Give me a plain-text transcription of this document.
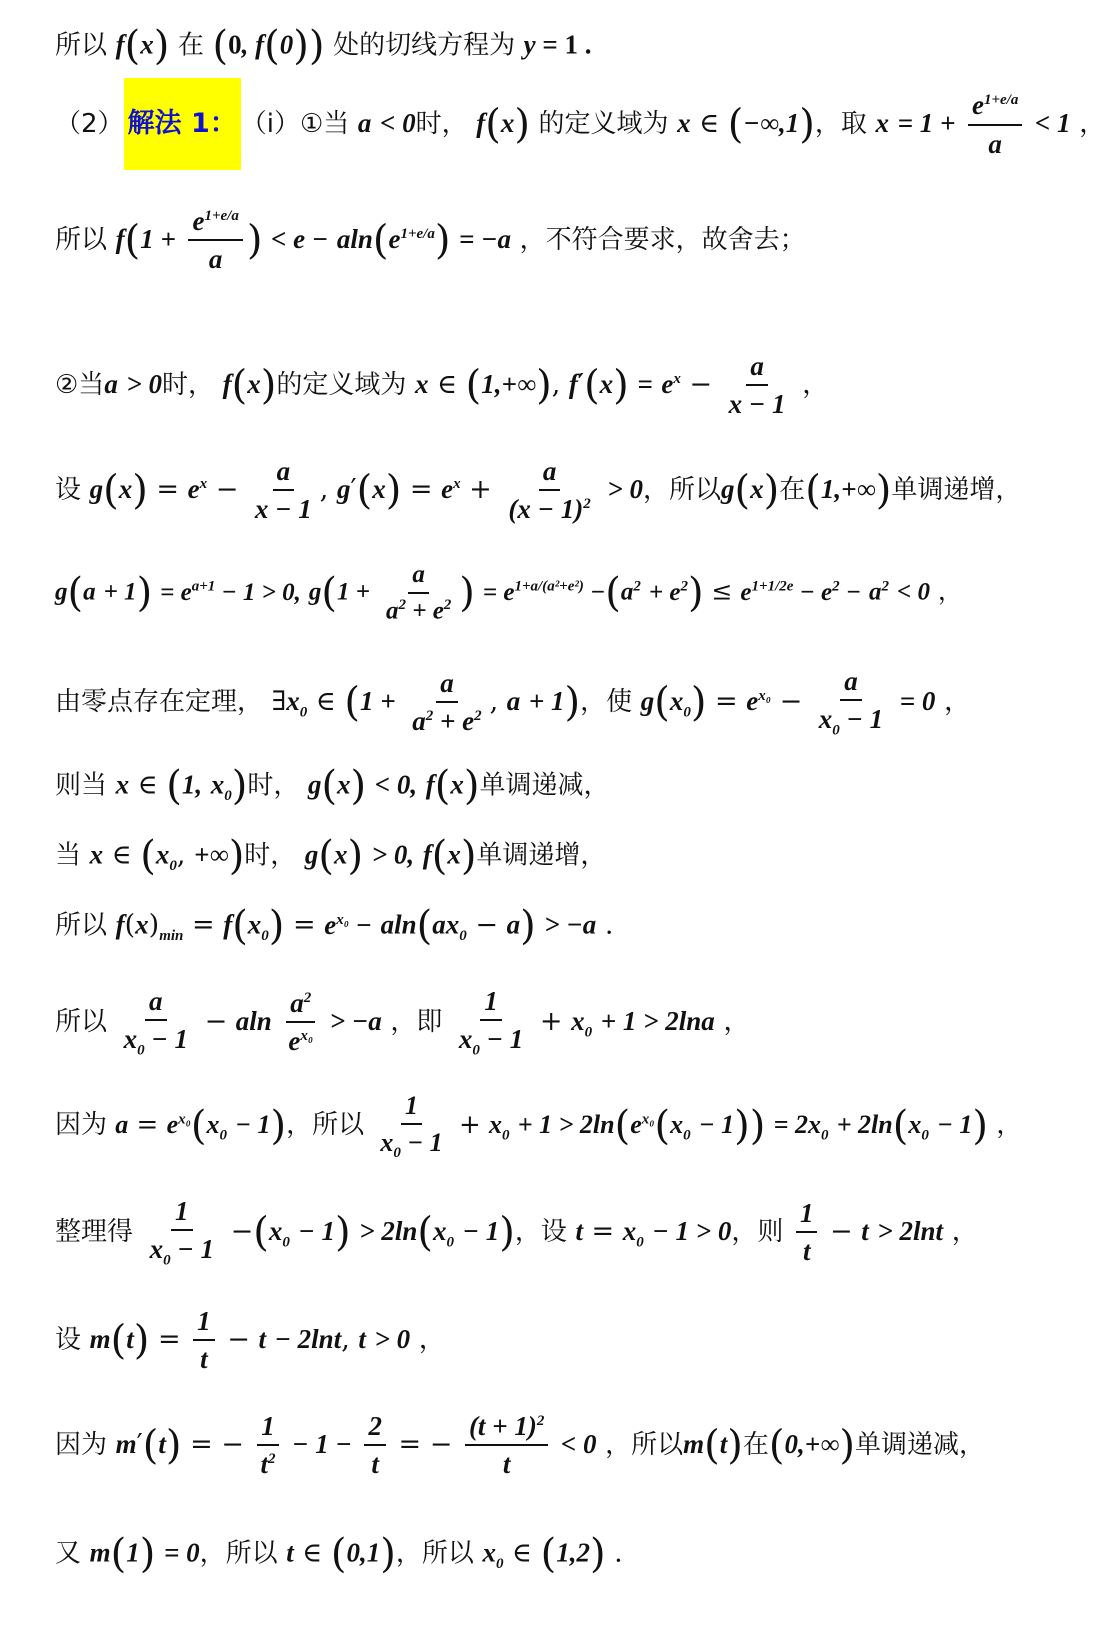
所以 f(x) 在 (0, f(0)) 处的切线方程为 y = 1 .
（2） 解法 1： （i）①当 a < 0时， f(x) 的定义域为 x ∈ (−∞,1)，取 $x = 1 + \frac{e^{1+e/a}}{a} < 1$ ，
所以 $f(1 + \frac{e^{1+e/a}}{a}$ ) < $e - aln(e^{1+e/a}) = -a$ ，不符合要求，故舍去；
②当a > 0时， f(x)的定义域为 x ∈ (1,+∞), $f'(x) = e^x - \frac{a}{x - 1}$ ，
设 $g(x) = e^x - \frac{a}{x - 1}$ , $g'(x) = e^x + \frac{a}{(x - 1)^2} > 0$，所以g(x)在(1,+∞)单调递增，
$g(a + 1) = e^{a+1} - 1 > 0$, $g(1 + \frac{a}{a^2 + e^2}$ ) = $e^{1+a/(a^2+e^2)} -(a^2 + e^2) \le e^{1+1/2e} - e^2 - a^2 < 0$ ，
由零点存在定理， $\exists x_0$ ∈ ($1 + \frac{a}{a^2 + e^2}$ , a + 1)，使 $g(x_0) = e^{x_0} - \frac{a}{x_0 - 1} = 0$ ，
则当 x ∈ (1, $x_0$)时， g(x) < 0, f(x)单调递减，
当 x ∈ ($x_0$, +∞)时， g(x) > 0, f(x)单调递增，
所以 $f(x)_{min} = f(x_0) = e^{x_0} - aln(ax_0 - a) > -a$ .
所以 $\frac{a}{x_0 - 1} - aln \frac{a^2}{e^{x_0}} > -a$ ，即 $\frac{1}{x_0 - 1} + x_0 + 1 > 2\ln a$ ，
因为 $a = e^{x_0}(x_0 - 1)$，所以 $\frac{1}{x_0 - 1} + x_0 + 1 > 2\ln(e^{x_0}(x_0 - 1)) = 2x_0 + 2\ln(x_0 - 1)$ ，
整理得 $\frac{1}{x_0 - 1} -(x_0 - 1) > 2\ln(x_0 - 1)$，设 $t = x_0 - 1 > 0$，则 $\frac{1}{t} - t > 2\ln t$ ，
设 $m(t) = \frac{1}{t} - t - 2\ln t$, t > 0 ，
因为 m′(t) = − $\frac{1}{t^2} - 1 - \frac{2}{t}$ = − $\frac{(t + 1)^2}{t} < 0$ ，所以m(t)在(0,+∞)单调递减，
又 m(1) = 0，所以 t ∈ (0,1)，所以 $x_0$ ∈ (1,2) .
